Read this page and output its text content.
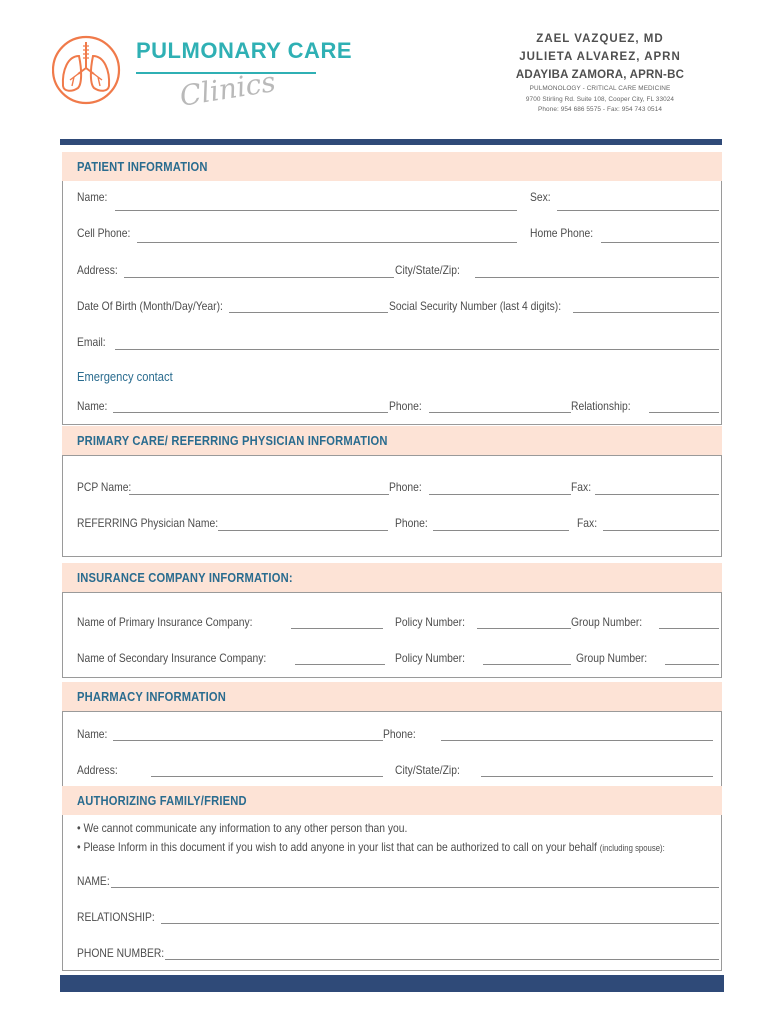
PULMONARY CARE
Clinics
ZAEL VAZQUEZ, MD
JULIETA ALVAREZ, APRN
ADAYIBA ZAMORA, APRN-BC
PULMONOLOGY - CRITICAL CARE MEDICINE
9700 Stirling Rd. Suite 108, Cooper City, FL 33024
Phone: 954 686 5575 - Fax: 954 743 0514
PATIENT INFORMATION
Name:	Sex:
Cell Phone:	Home Phone:
Address:	City/State/Zip:
Date Of Birth (Month/Day/Year):	Social Security Number (last 4 digits):
Email:
Emergency contact
Name:	Phone:	Relationship:
PRIMARY CARE/ REFERRING PHYSICIAN INFORMATION
PCP Name:	Phone:	Fax:
REFERRING Physician Name:	Phone:	Fax:
INSURANCE COMPANY INFORMATION:
Name of Primary Insurance Company:	Policy Number:	Group Number:
Name of Secondary Insurance Company:	Policy Number:	Group Number:
PHARMACY INFORMATION
Name:	Phone:
Address:	City/State/Zip:
AUTHORIZING FAMILY/FRIEND
• We cannot communicate any information to any other person than you.
• Please Inform in this document if you wish to add anyone in your list that can be authorized to call on your behalf (including spouse):
NAME:
RELATIONSHIP:
PHONE NUMBER:
